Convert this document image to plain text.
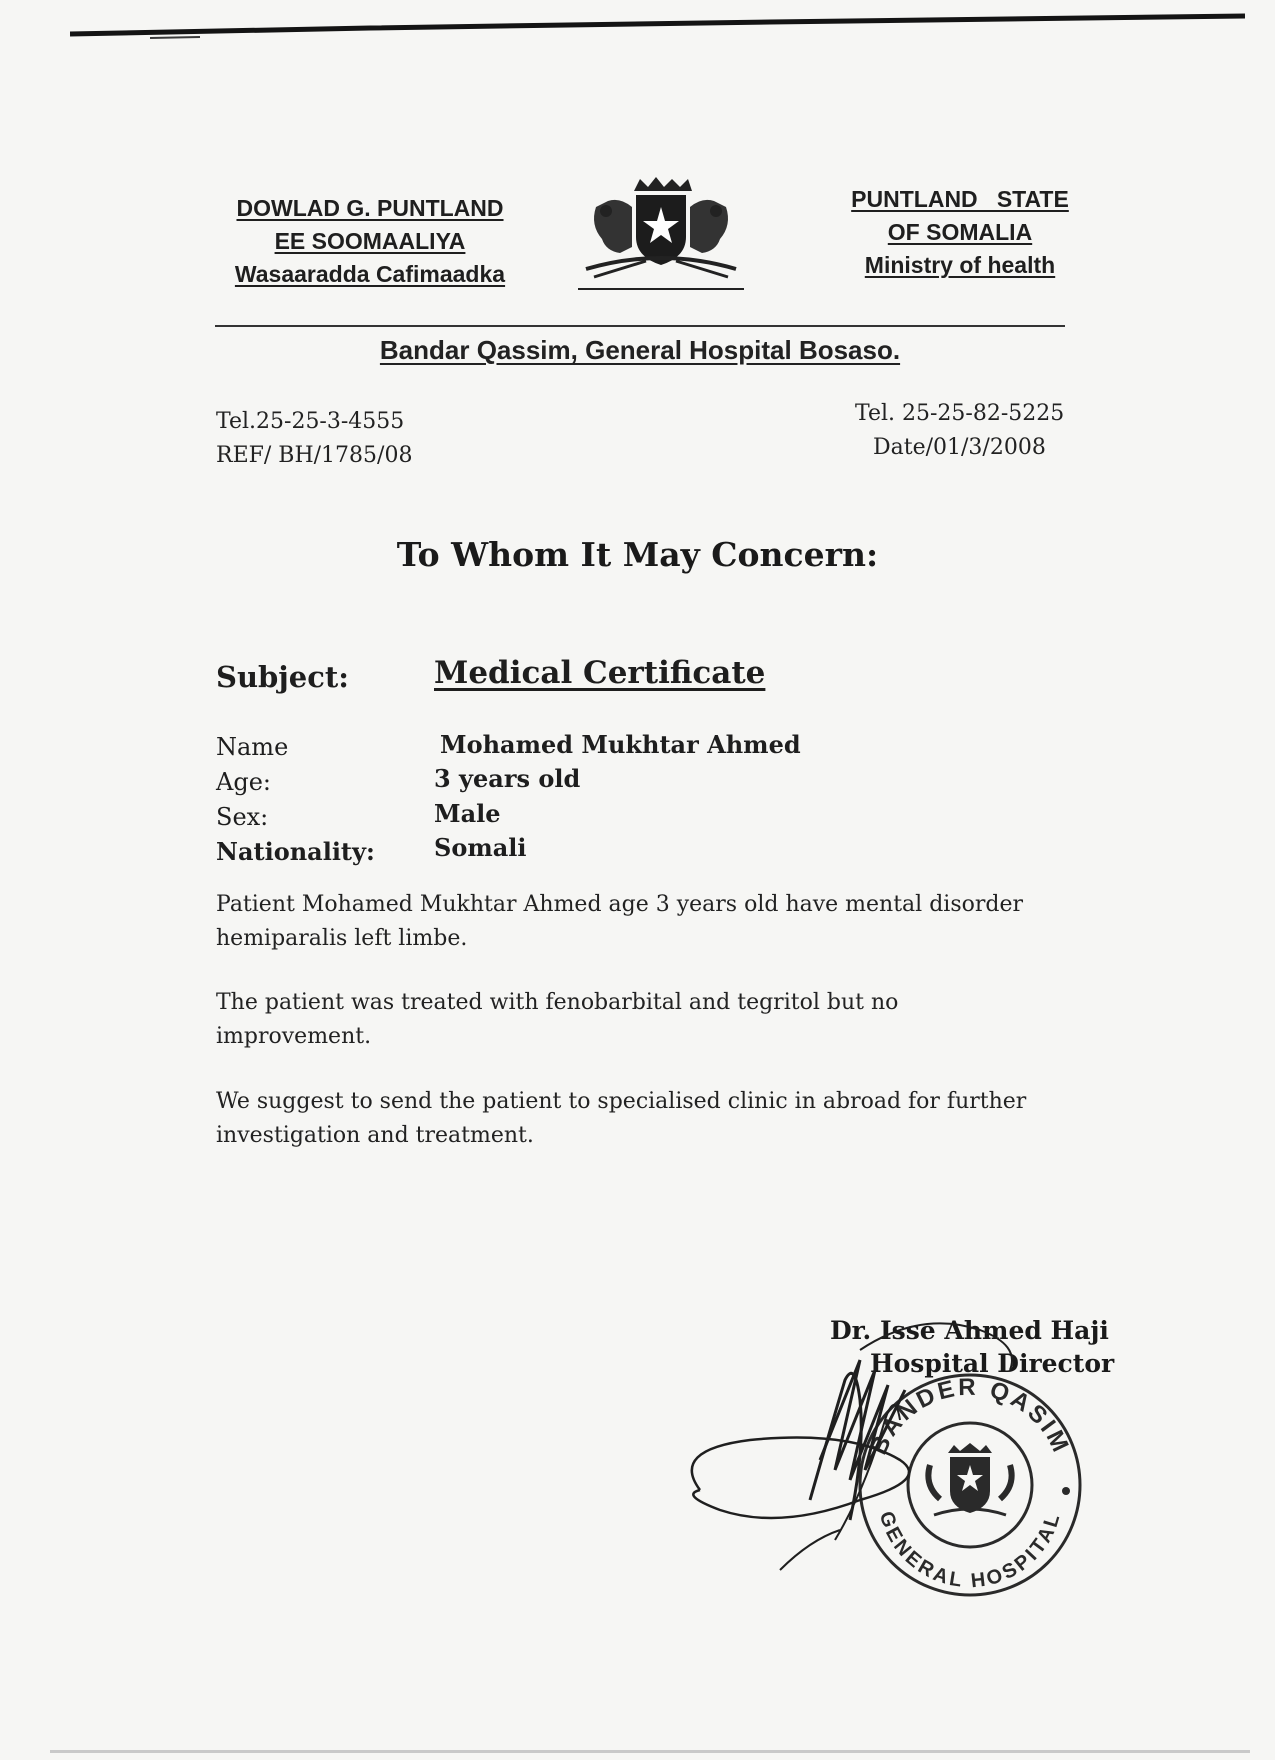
DOWLAD G. PUNTLAND
EE SOOMAALIYA
Wasaaradda Cafimaadka
PUNTLAND   STATE
OF SOMALIA
Ministry of health
Bandar Qassim, General Hospital Bosaso.
Tel.25-25-3-4555
REF/ BH/1785/08
Tel. 25-25-82-5225
Date/01/3/2008
To Whom It May Concern:
Subject:	Medical Certificate
Name	Mohamed Mukhtar Ahmed
Age:	3 years old
Sex:	Male
Nationality: Somali
Patient Mohamed Mukhtar Ahmed age 3 years old have mental disorder
hemiparalis left limbe.
The patient was treated with fenobarbital and tegritol but no
improvement.
We suggest to send the patient to specialised clinic in abroad for further
investigation and treatment.
Dr. Isse Ahmed Haji
Hospital Director
BANDER QASIM
GENERAL HOSPITAL
